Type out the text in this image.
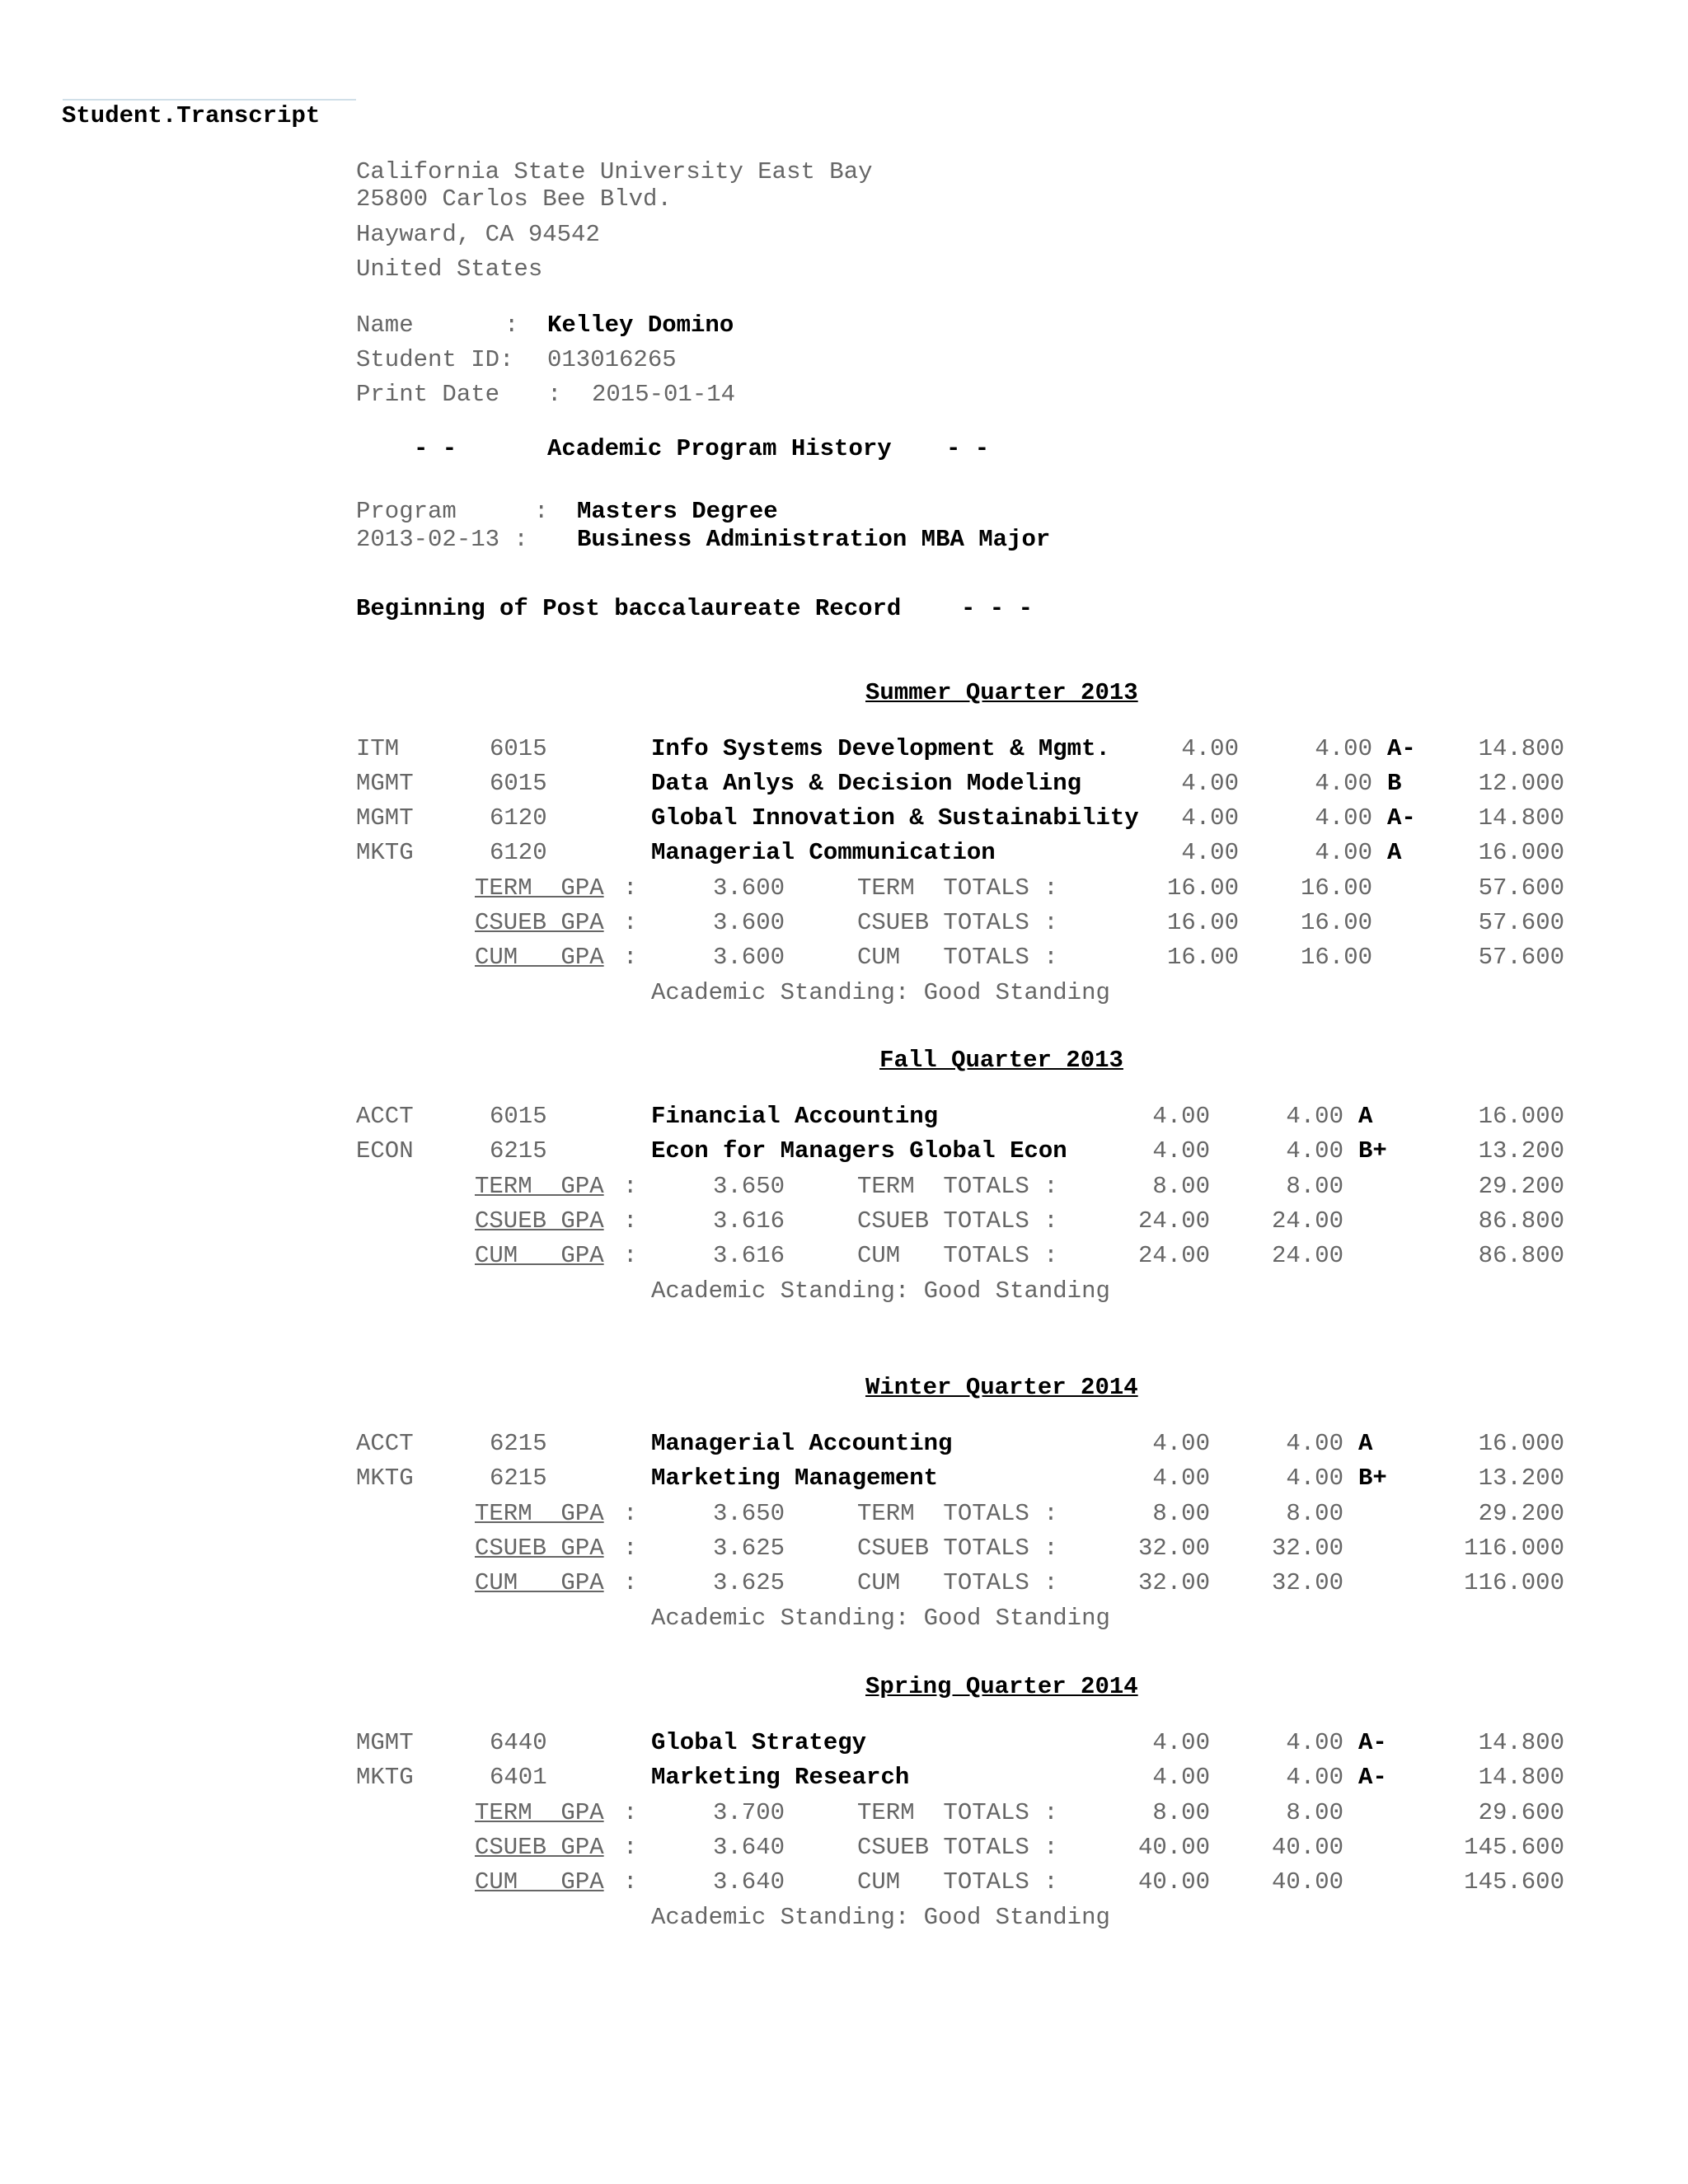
Student.Transcript
California State University East Bay
25800 Carlos Bee Blvd.
Hayward, CA 94542
United States
Name	: Kelley Domino
Student ID: 013016265
Print Date : 2015-01-14
- -	Academic Program History - -
Program	: Masters Degree
2013-02-13 : Business Administration MBA Major
Beginning of Post baccalaureate Record	- - -
Summer Quarter 2013
ITM	6015	Info Systems Development & Mgmt.	4.00	4.00 A-	14.800
MGMT	6015	Data Anlys & Decision Modeling	4.00	4.00 B	12.000
MGMT	6120	Global Innovation & Sustainability	4.00	4.00 A-	14.800
MKTG	6120	Managerial Communication	4.00	4.00 A	16.000
TERM  GPA :	3.600	TERM  TOTALS :	16.00	16.00	57.600
CSUEB GPA :	3.600	CSUEB TOTALS :	16.00	16.00	57.600
CUM   GPA :	3.600	CUM   TOTALS :	16.00	16.00	57.600
Academic Standing: Good Standing
Fall Quarter 2013
ACCT	6015	Financial Accounting	4.00	4.00 A	16.000
ECON	6215	Econ for Managers Global Econ	4.00	4.00 B+	13.200
TERM  GPA :	3.650	TERM  TOTALS :	8.00	8.00	29.200
CSUEB GPA :	3.616	CSUEB TOTALS :	24.00	24.00	86.800
CUM   GPA :	3.616	CUM   TOTALS :	24.00	24.00	86.800
Academic Standing: Good Standing
Winter Quarter 2014
ACCT	6215	Managerial Accounting	4.00	4.00 A	16.000
MKTG	6215	Marketing Management	4.00	4.00 B+	13.200
TERM  GPA :	3.650	TERM  TOTALS :	8.00	8.00	29.200
CSUEB GPA :	3.625	CSUEB TOTALS :	32.00	32.00	116.000
CUM   GPA :	3.625	CUM   TOTALS :	32.00	32.00	116.000
Academic Standing: Good Standing
Spring Quarter 2014
MGMT	6440	Global Strategy	4.00	4.00 A-	14.800
MKTG	6401	Marketing Research	4.00	4.00 A-	14.800
TERM  GPA :	3.700	TERM  TOTALS :	8.00	8.00	29.600
CSUEB GPA :	3.640	CSUEB TOTALS :	40.00	40.00	145.600
CUM   GPA :	3.640	CUM   TOTALS :	40.00	40.00	145.600
Academic Standing: Good Standing
